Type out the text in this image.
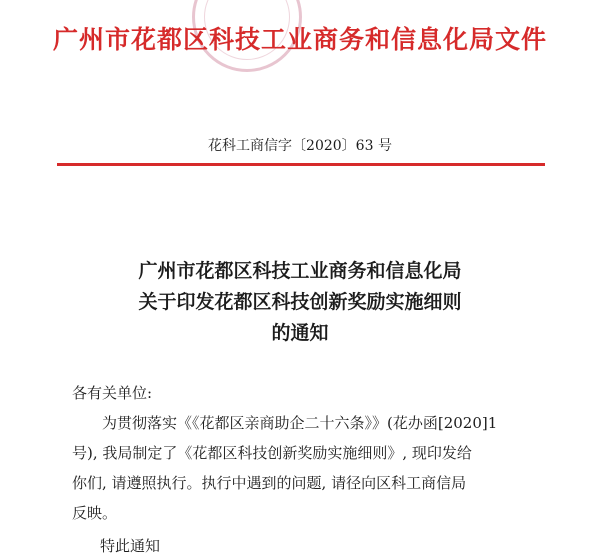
广州市花都区科技工业商务和信息化局文件
花科工商信字〔2020〕63 号
广州市花都区科技工业商务和信息化局
关于印发花都区科技创新奖励实施细则
的通知

各有关单位:

为贯彻落实《《花都区亲商助企二十六条》》(花办函[2020]1

号), 我局制定了《花都区科技创新奖励实施细则》, 现印发给

你们, 请遵照执行。执行中遇到的问题, 请径向区科工商信局

反映。

特此通知
